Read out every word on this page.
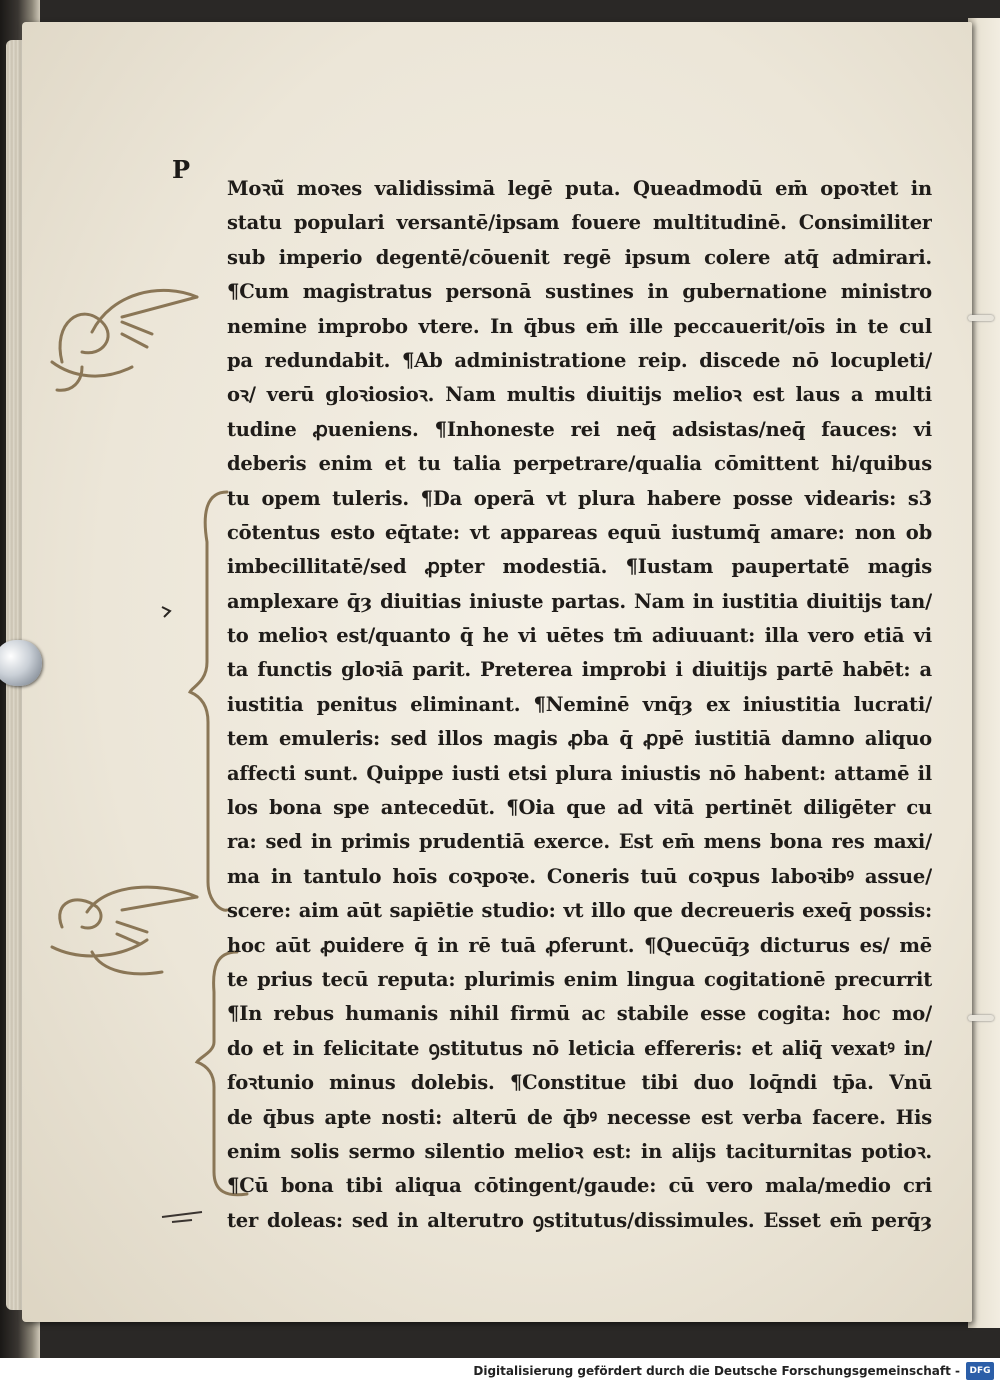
P
Moꝛū̃ moꝛes validissimā legē puta. Queadmodū em̄ opoꝛtet in
statu populari versantē/ipsam fouere multitudinē. Consimiliter
sub imperio degentē/cōuenit regē ipsum colere atq̄ admirari.
¶Cum magistratus personā sustines in gubernatione ministro
nemine improbo vtere. In q̄bus em̄ ille peccauerit/oīs in te cul
pa redundabit. ¶Ab administratione reip. discede nō locupleti/
oꝛ/ verū gloꝛiosioꝛ. Nam multis diuitijs melioꝛ est laus a multi
tudine ꝓueniens. ¶Inhoneste rei neq̄ adsistas/neq̄ fauces: vi
deberis enim et tu talia perpetrare/qualia cōmittent hi/quibus
tu opem tuleris. ¶Da operā vt plura habere posse videaris: s3
cōtentus esto eq̄tate: vt appareas equū iustumq̄ amare: non ob
imbecillitatē/sed ꝓpter modestiā. ¶Iustam paupertatē magis
amplexare q̄ȝ diuitias iniuste partas. Nam in iustitia diuitijs tan/
to melioꝛ est/quanto q̄ he vi uētes tm̄ adiuuant: illa vero etiā vi
ta functis gloꝛiā parit. Preterea improbi i diuitijs partē habēt: a
iustitia penitus eliminant. ¶Neminē vnq̄ȝ ex iniustitia lucrati/
tem emuleris: sed illos magis ꝓba q̄ ꝓpē iustitiā damno aliquo
affecti sunt. Quippe iusti etsi plura iniustis nō habent: attamē il
los bona spe antecedūt. ¶Oia que ad vitā pertinēt diligēter cu
ra: sed in primis prudentiā exerce. Est em̄ mens bona res maxi/
ma in tantulo hoīs coꝛpoꝛe. Coneris tuū coꝛpus laboꝛibꝰ assue/
scere: aim aūt sapiētie studio: vt illo que decreueris exeq̄ possis:
hoc aūt ꝓuidere q̄ in rē tuā ꝓferunt. ¶Quecūq̄ȝ dicturus es/ mē
te prius tecū reputa: plurimis enim lingua cogitationē precurrit
¶In rebus humanis nihil firmū ac stabile esse cogita: hoc mo/
do et in felicitate ꝯstitutus nō leticia effereris: et aliq̄ vexatꝰ in/
foꝛtunio minus dolebis. ¶Constitue tibi duo loq̄ndi tp̄a. Vnū
de q̄bus apte nosti: alterū de q̄bꝰ necesse est verba facere. His
enim solis sermo silentio melioꝛ est: in alijs taciturnitas potioꝛ.
¶Cū bona tibi aliqua cōtingent/gaude: cū vero mala/medio cri
ter doleas: sed in alterutro ꝯstitutus/dissimules. Esset em̄ perq̄ȝ
Digitalisierung gefördert durch die Deutsche Forschungsgemeinschaft -	DFG
